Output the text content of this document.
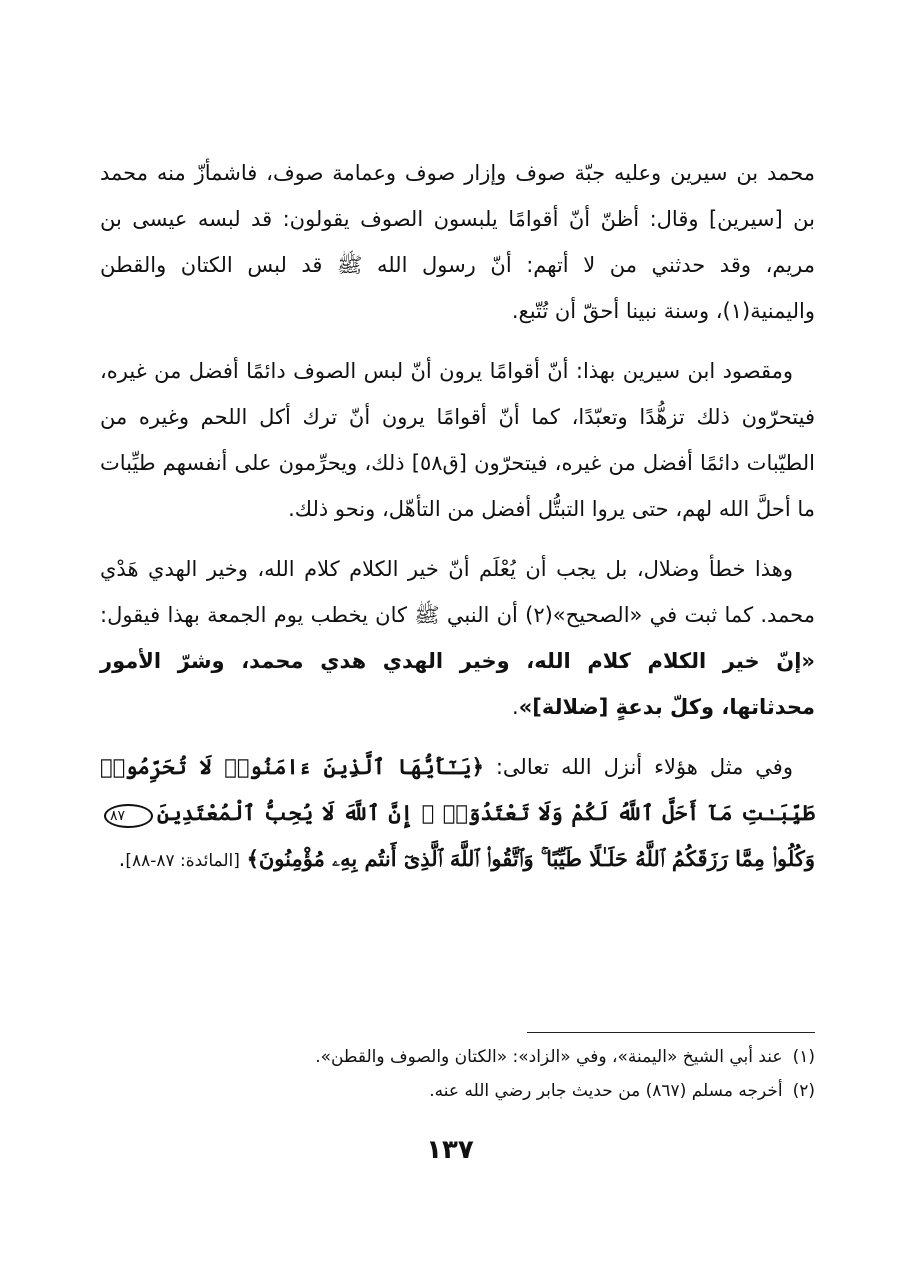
محمد بن سيرين وعليه جبّة صوف وإزار صوف وعمامة صوف، فاشمأزّ منه محمد بن [سيرين] وقال: أظنّ أنّ أقوامًا يلبسون الصوف يقولون: قد لبسه عيسى بن مريم، وقد حدثني من لا أتهم: أنّ رسول الله ﷺ قد لبس الكتان والقطن واليمنية(١)، وسنة نبينا أحقّ أن تُتّبع.

ومقصود ابن سيرين بهذا: أنّ أقوامًا يرون أنّ لبس الصوف دائمًا أفضل من غيره، فيتحرّون ذلك تزهُّدًا وتعبّدًا، كما أنّ أقوامًا يرون أنّ ترك أكل اللحم وغيره من الطيّبات دائمًا أفضل من غيره، فيتحرّون [ق٥٨] ذلك، ويحرِّمون على أنفسهم طيِّبات ما أحلَّ الله لهم، حتى يروا التبتُّل أفضل من التأهّل، ونحو ذلك.

وهذا خطأ وضلال، بل يجب أن يُعْلَم أنّ خير الكلام كلام الله، وخير الهدي هَدْي محمد. كما ثبت في «الصحيح»(٢) أن النبي ﷺ كان يخطب يوم الجمعة بهذا فيقول: «إنّ خير الكلام كلام الله، وخير الهدي هدي محمد، وشرّ الأمور محدثاتها، وكلّ بدعةٍ [ضلالة]».

وفي مثل هؤلاء أنزل الله تعالى: ﴿يَـٰٓأَيُّهَا ٱلَّذِينَ ءَامَنُوا۟ لَا تُحَرِّمُوا۟ طَيِّبَـٰتِ مَآ أَحَلَّ ٱللَّهُ لَكُمْ وَلَا تَعْتَدُوٓا۟ ۚ إِنَّ ٱللَّهَ لَا يُحِبُّ ٱلْمُعْتَدِينَ٨٧وَكُلُوا۟ مِمَّا رَزَقَكُمُ ٱللَّهُ حَلَـٰلًا طَيِّبًا ۚ وَٱتَّقُوا۟ ٱللَّهَ ٱلَّذِىٓ أَنتُم بِهِۦ مُؤْمِنُونَ﴾ [المائدة: ٨٧-٨٨].

(١)عند أبي الشيخ «اليمنة»، وفي «الزاد»: «الكتان والصوف والقطن».

(٢)أخرجه مسلم (٨٦٧) من حديث جابر رضي الله عنه.

١٣٧
